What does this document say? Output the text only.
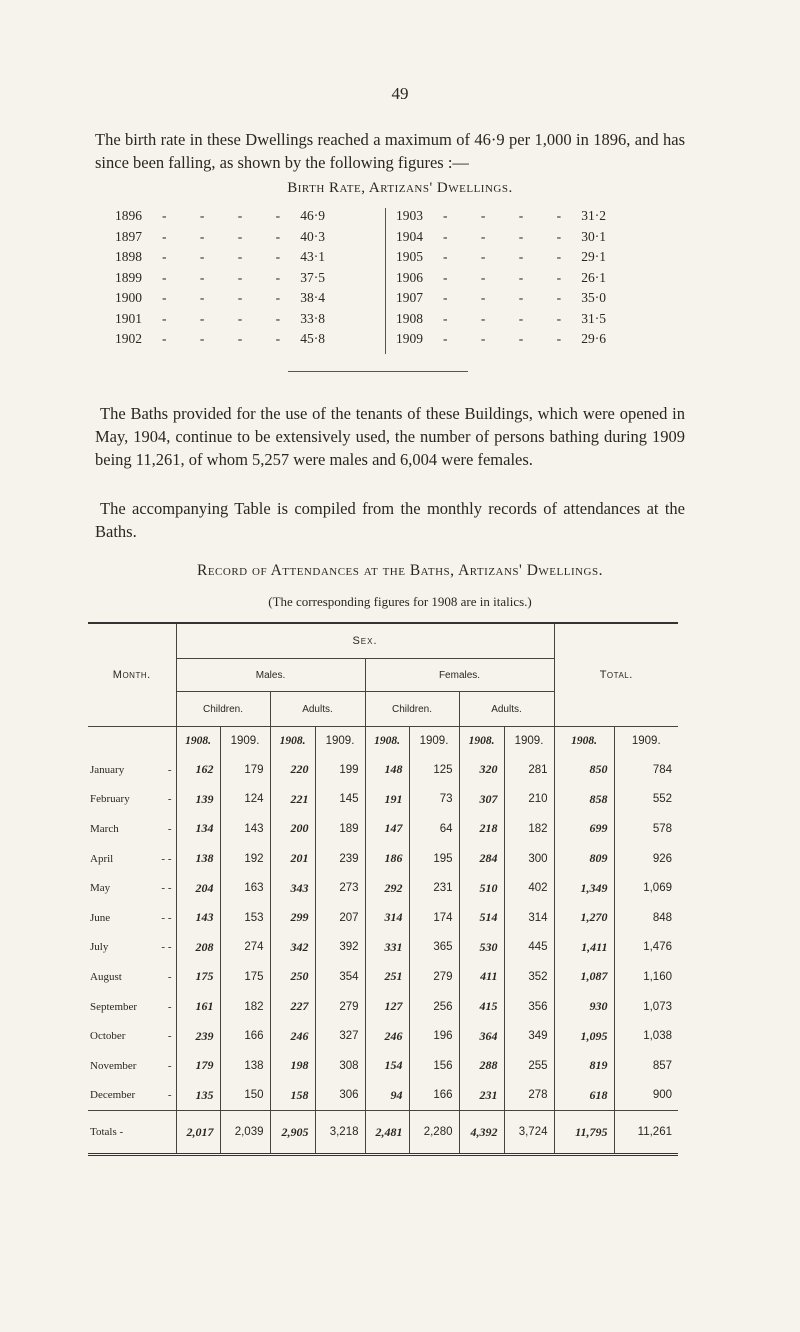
49

The birth rate in these Dwellings reached a maximum of 46·9 per 1,000 in 1896, and has since been falling, as shown by the following figures :—

Birth Rate, Artizans' Dwellings.
1896 - - - - 46·9
1897 - - - - 40·3
1898 - - - - 43·1
1899 - - - - 37·5
1900 - - - - 38·4
1901 - - - - 33·8
1902 - - - - 45·8
1903 - - - - 31·2
1904 - - - - 30·1
1905 - - - - 29·1
1906 - - - - 26·1
1907 - - - - 35·0
1908 - - - - 31·5
1909 - - - - 29·6

The Baths provided for the use of the tenants of these Buildings, which were opened in May, 1904, continue to be extensively used, the number of persons bathing during 1909 being 11,261, of whom 5,257 were males and 6,004 were females.

The accompanying Table is compiled from the monthly records of attendances at the Baths.

Record of Attendances at the Baths, Artizans' Dwellings.
(The corresponding figures for 1908 are in italics.)
Month.	Sex.								Total.	
	Males.				Females.					
	Children.		Adults.		Children.		Adults.			
	1908.	1909.	1908.	1909.	1908.	1909.	1908.	1909.	1908.	1909.
January -	162	179	220	199	148	125	320	281	850	784
February -	139	124	221	145	191	73	307	210	858	552
March -	134	143	200	189	147	64	218	182	699	578
April - -	138	192	201	239	186	195	284	300	809	926
May - -	204	163	343	273	292	231	510	402	1,349	1,069
June - -	143	153	299	207	314	174	514	314	1,270	848
July - -	208	274	342	392	331	365	530	445	1,411	1,476
August -	175	175	250	354	251	279	411	352	1,087	1,160
September -	161	182	227	279	127	256	415	356	930	1,073
October -	239	166	246	327	246	196	364	349	1,095	1,038
November -	179	138	198	308	154	156	288	255	819	857
December -	135	150	158	306	94	166	231	278	618	900
Totals -	2,017	2,039	2,905	3,218	2,481	2,280	4,392	3,724	11,795	11,261
